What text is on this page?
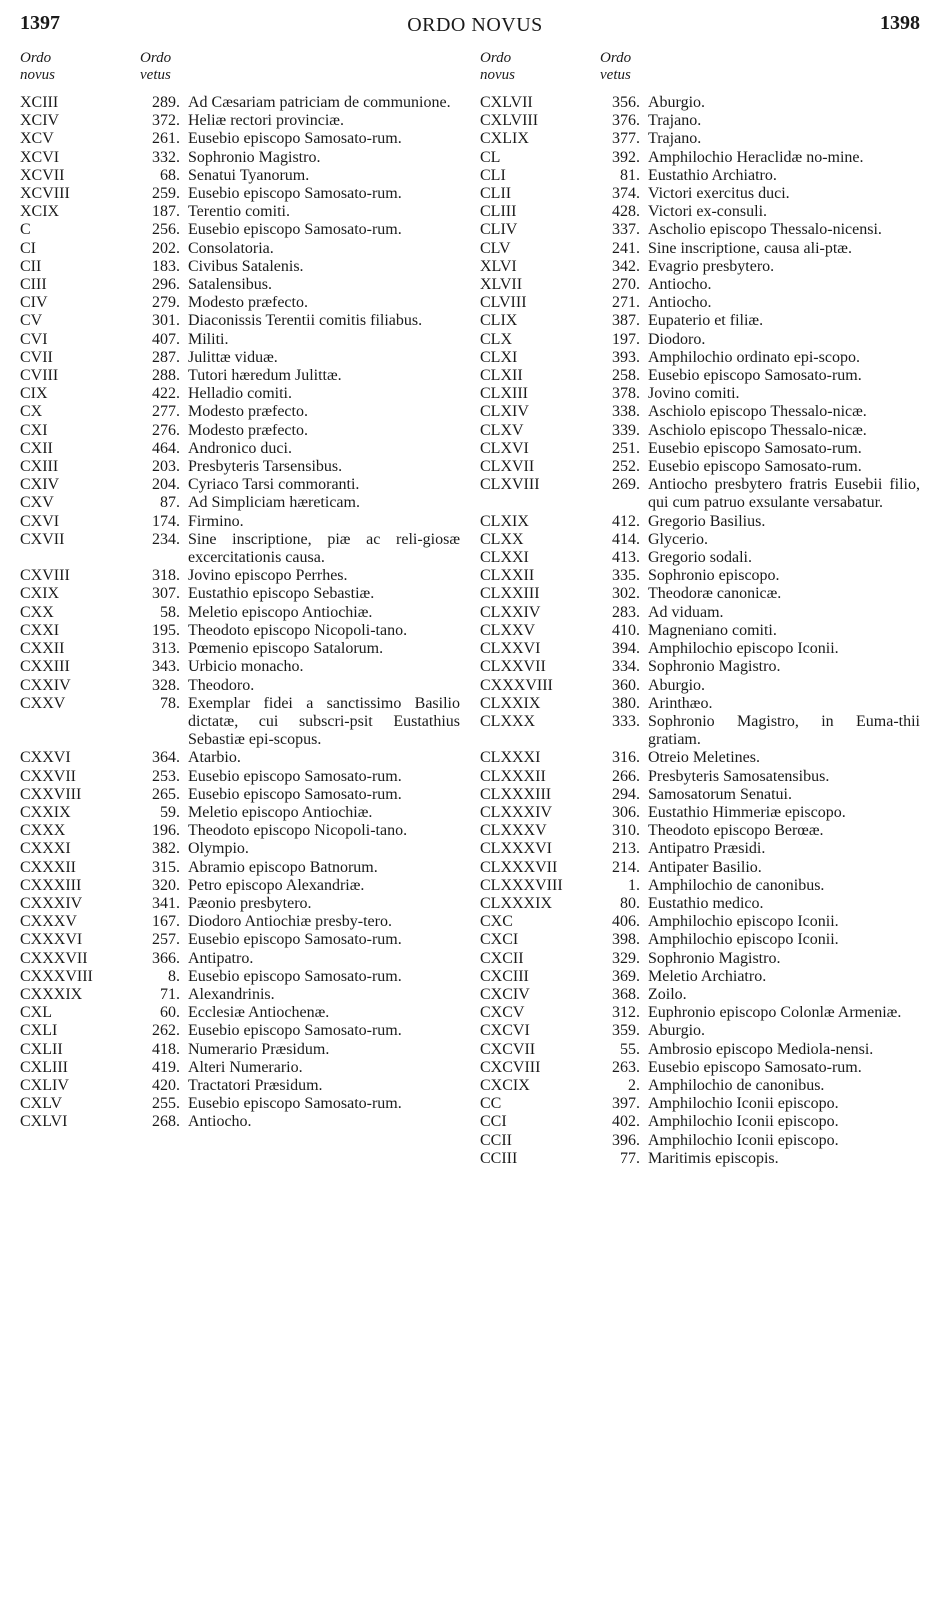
1397	ORDO NOVUS	1398
Ordo
novus
Ordo
vetus
XCIII	289. Ad Cæsariam patriciam de communione.
XCIV	372. Heliæ rectori provinciæ.
XCV	261. Eusebio episcopo Samosato-rum.
XCVI	332. Sophronio Magistro.
XCVII	68. Senatui Tyanorum.
XCVIII	259. Eusebio episcopo Samosato-rum.
XCIX	187. Terentio comiti.
C	256. Eusebio episcopo Samosato-rum.
CI	202. Consolatoria.
CII	183. Civibus Satalenis.
CIII	296. Satalensibus.
CIV	279. Modesto præfecto.
CV	301. Diaconissis Terentii comitis filiabus.
CVI	407. Militi.
CVII	287. Julittæ viduæ.
CVIII	288. Tutori hæredum Julittæ.
CIX	422. Helladio comiti.
CX	277. Modesto præfecto.
CXI	276. Modesto præfecto.
CXII	464. Andronico duci.
CXIII	203. Presbyteris Tarsensibus.
CXIV	204. Cyriaco Tarsi commoranti.
CXV	87. Ad Simpliciam hæreticam.
CXVI	174. Firmino.
CXVII	234. Sine inscriptione, piæ ac reli-giosæ excercitationis causa.
CXVIII	318. Jovino episcopo Perrhes.
CXIX	307. Eustathio episcopo Sebastiæ.
CXX	58. Meletio episcopo Antiochiæ.
CXXI	195. Theodoto episcopo Nicopoli-tano.
CXXII	313. Pœmenio episcopo Satalorum.
CXXIII	343. Urbicio monacho.
CXXIV	328. Theodoro.
CXXV	78. Exemplar fidei a sanctissimo Basilio dictatæ, cui subscri-psit Eustathius Sebastiæ epi-scopus.
CXXVI	364. Atarbio.
CXXVII	253. Eusebio episcopo Samosato-rum.
CXXVIII	265. Eusebio episcopo Samosato-rum.
CXXIX	59. Meletio episcopo Antiochiæ.
CXXX	196. Theodoto episcopo Nicopoli-tano.
CXXXI	382. Olympio.
CXXXII	315. Abramio episcopo Batnorum.
CXXXIII	320. Petro episcopo Alexandriæ.
CXXXIV	341. Pæonio presbytero.
CXXXV	167. Diodoro Antiochiæ presby-tero.
CXXXVI	257. Eusebio episcopo Samosato-rum.
CXXXVII	366. Antipatro.
CXXXVIII	8. Eusebio episcopo Samosato-rum.
CXXXIX	71. Alexandrinis.
CXL	60. Ecclesiæ Antiochenæ.
CXLI	262. Eusebio episcopo Samosato-rum.
CXLII	418. Numerario Præsidum.
CXLIII	419. Alteri Numerario.
CXLIV	420. Tractatori Præsidum.
CXLV	255. Eusebio episcopo Samosato-rum.
CXLVI	268. Antiocho.
Ordo
novus
Ordo
vetus
CXLVII	356. Aburgio.
CXLVIII	376. Trajano.
CXLIX	377. Trajano.
CL	392. Amphilochio Heraclidæ no-mine.
CLI	81. Eustathio Archiatro.
CLII	374. Victori exercitus duci.
CLIII	428. Victori ex-consuli.
CLIV	337. Ascholio episcopo Thessalo-nicensi.
CLV	241. Sine inscriptione, causa ali-ptæ.
XLVI	342. Evagrio presbytero.
XLVII	270. Antiocho.
CLVIII	271. Antiocho.
CLIX	387. Eupaterio et filiæ.
CLX	197. Diodoro.
CLXI	393. Amphilochio ordinato epi-scopo.
CLXII	258. Eusebio episcopo Samosato-rum.
CLXIII	378. Jovino comiti.
CLXIV	338. Aschiolo episcopo Thessalo-nicæ.
CLXV	339. Aschiolo episcopo Thessalo-nicæ.
CLXVI	251. Eusebio episcopo Samosato-rum.
CLXVII	252. Eusebio episcopo Samosato-rum.
CLXVIII	269. Antiocho presbytero fratris Eusebii filio, qui cum patruo exsulante versabatur.
CLXIX	412. Gregorio Basilius.
CLXX	414. Glycerio.
CLXXI	413. Gregorio sodali.
CLXXII	335. Sophronio episcopo.
CLXXIII	302. Theodoræ canonicæ.
CLXXIV	283. Ad viduam.
CLXXV	410. Magneniano comiti.
CLXXVI	394. Amphilochio episcopo Iconii.
CLXXVII	334. Sophronio Magistro.
CXXXVIII	360. Aburgio.
CLXXIX	380. Arinthæo.
CLXXX	333. Sophronio Magistro, in Euma-thii gratiam.
CLXXXI	316. Otreio Meletines.
CLXXXII	266. Presbyteris Samosatensibus.
CLXXXIII	294. Samosatorum Senatui.
CLXXXIV	306. Eustathio Himmeriæ episcopo.
CLXXXV	310. Theodoto episcopo Berœæ.
CLXXXVI	213. Antipatro Præsidi.
CLXXXVII	214. Antipater Basilio.
CLXXXVIII	1. Amphilochio de canonibus.
CLXXXIX	80. Eustathio medico.
CXC	406. Amphilochio episcopo Iconii.
CXCI	398. Amphilochio episcopo Iconii.
CXCII	329. Sophronio Magistro.
CXCIII	369. Meletio Archiatro.
CXCIV	368. Zoilo.
CXCV	312. Euphronio episcopo Colonlæ Armeniæ.
CXCVI	359. Aburgio.
CXCVII	55. Ambrosio episcopo Mediola-nensi.
CXCVIII	263. Eusebio episcopo Samosato-rum.
CXCIX	2. Amphilochio de canonibus.
CC	397. Amphilochio Iconii episcopo.
CCI	402. Amphilochio Iconii episcopo.
CCII	396. Amphilochio Iconii episcopo.
CCIII	77. Maritimis episcopis.
